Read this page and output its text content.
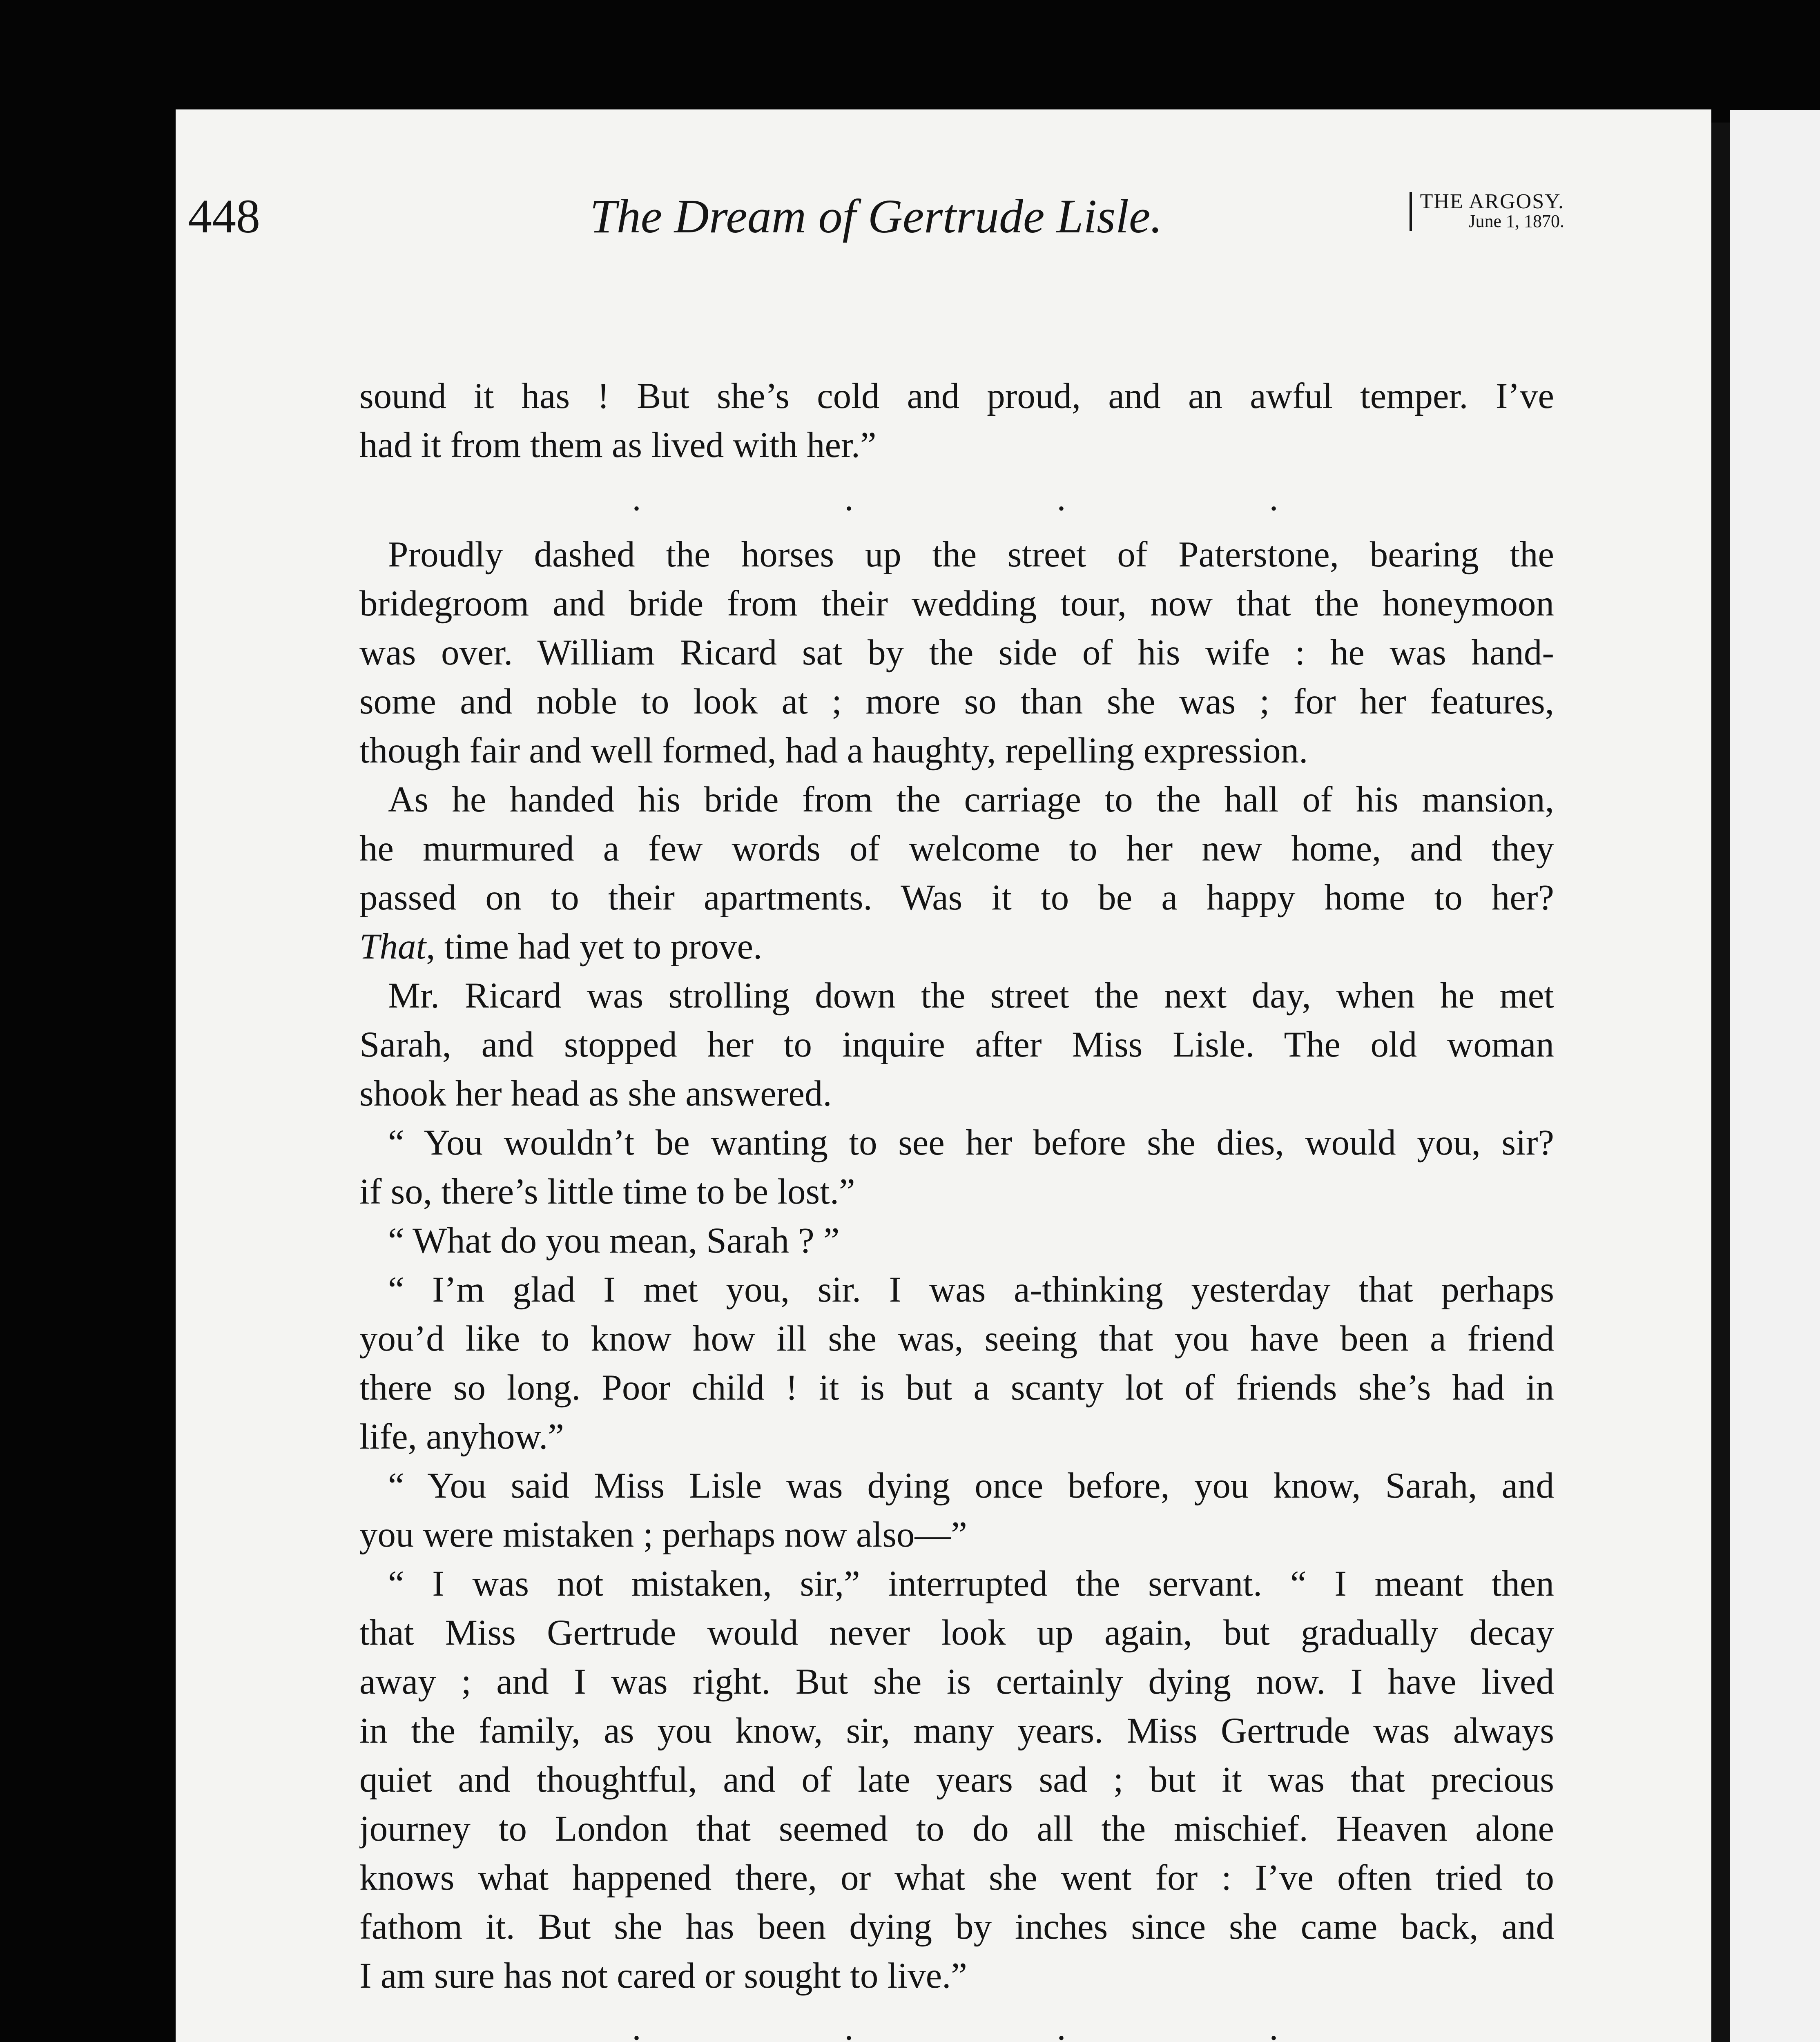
448	The Dream of Gertrude Lisle.	THE ARGOSY.
June 1, 1870.
.	.	.	.
.	.	.	.
sound it has ! But she’s cold and proud, and an awful temper. I’ve
had it from them as lived with her.”
Proudly dashed the horses up the street of Paterstone, bearing the
bridegroom and bride from their wedding tour, now that the honeymoon
was over. William Ricard sat by the side of his wife : he was hand-
some and noble to look at ; more so than she was ; for her features,
though fair and well formed, had a haughty, repelling expression.
As he handed his bride from the carriage to the hall of his mansion,
he murmured a few words of welcome to her new home, and they
passed on to their apartments. Was it to be a happy home to her?
That, time had yet to prove.
Mr. Ricard was strolling down the street the next day, when he met
Sarah, and stopped her to inquire after Miss Lisle. The old woman
shook her head as she answered.
“ You wouldn’t be wanting to see her before she dies, would you, sir?
if so, there’s little time to be lost.”
“ What do you mean, Sarah ? ”
“ I’m glad I met you, sir. I was a-thinking yesterday that perhaps
you’d like to know how ill she was, seeing that you have been a friend
there so long. Poor child ! it is but a scanty lot of friends she’s had in
life, anyhow.”
“ You said Miss Lisle was dying once before, you know, Sarah, and
you were mistaken ; perhaps now also—”
“ I was not mistaken, sir,” interrupted the servant. “ I meant then
that Miss Gertrude would never look up again, but gradually decay
away ; and I was right. But she is certainly dying now. I have lived
in the family, as you know, sir, many years. Miss Gertrude was always
quiet and thoughtful, and of late years sad ; but it was that precious
journey to London that seemed to do all the mischief. Heaven alone
knows what happened there, or what she went for : I’ve often tried to
fathom it. But she has been dying by inches since she came back, and
I am sure has not cared or sought to live.”
